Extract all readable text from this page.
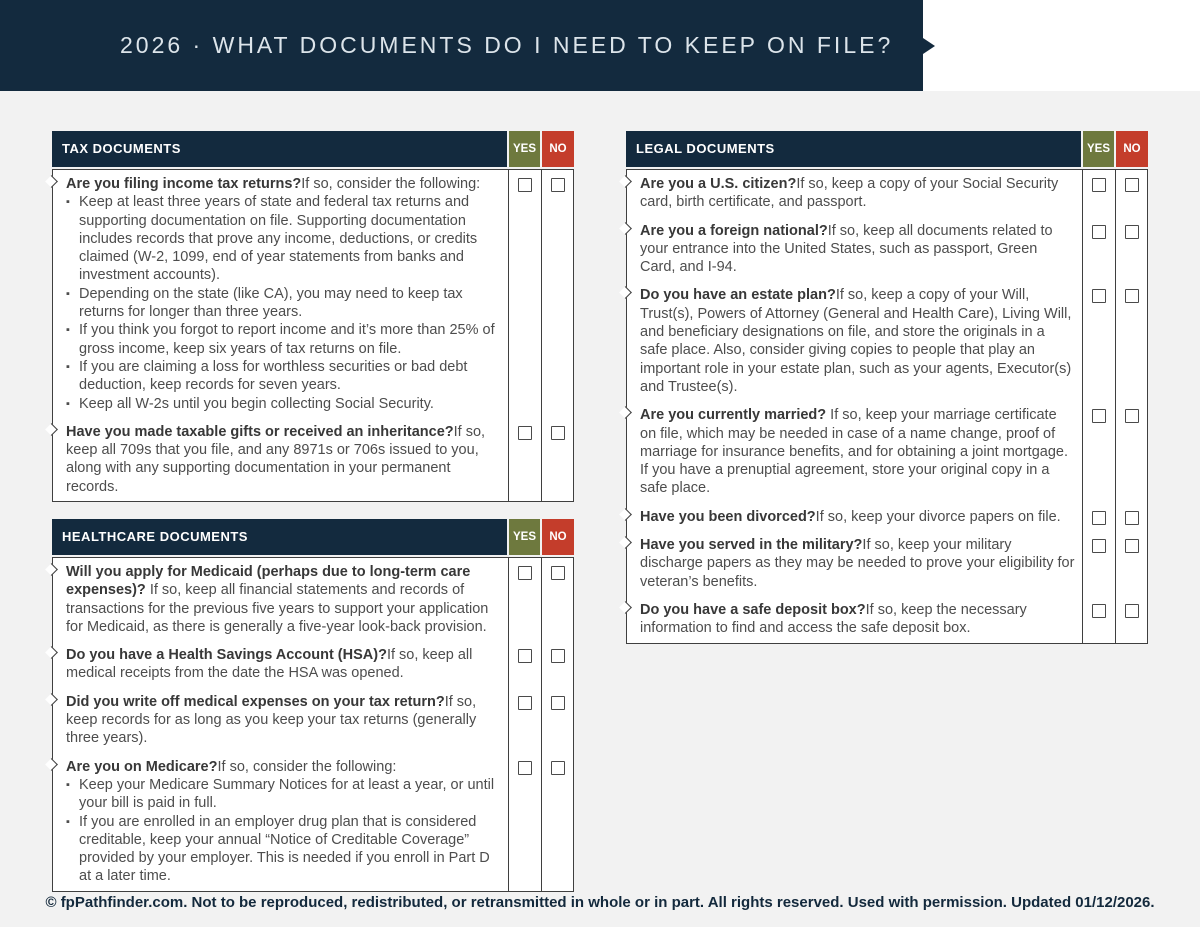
2026 · WHAT DOCUMENTS DO I NEED TO KEEP ON FILE?
TAX DOCUMENTS	YES	NO
Are you filing income tax returns?If so, consider the following:
▪ Keep at least three years of state and federal tax returns and supporting documentation on file. Supporting documentation includes records that prove any income, deductions, or credits claimed (W-2, 1099, end of year statements from banks and investment accounts).
▪ Depending on the state (like CA), you may need to keep tax returns for longer than three years.
▪ If you think you forgot to report income and it’s more than 25% of gross income, keep six years of tax returns on file.
▪ If you are claiming a loss for worthless securities or bad debt deduction, keep records for seven years.
▪ Keep all W-2s until you begin collecting Social Security.
Have you made taxable gifts or received an inheritance?If so, keep all 709s that you file, and any 8971s or 706s issued to you, along with any supporting documentation in your permanent records.
HEALTHCARE DOCUMENTS	YES	NO
Will you apply for Medicaid (perhaps due to long-term care expenses)? If so, keep all financial statements and records of transactions for the previous five years to support your application for Medicaid, as there is generally a five-year look-back provision.
Do you have a Health Savings Account (HSA)?If so, keep all medical receipts from the date the HSA was opened.
Did you write off medical expenses on your tax return?If so, keep records for as long as you keep your tax returns (generally three years).
Are you on Medicare?If so, consider the following:
▪ Keep your Medicare Summary Notices for at least a year, or until your bill is paid in full.
▪ If you are enrolled in an employer drug plan that is considered creditable, keep your annual “Notice of Creditable Coverage” provided by your employer. This is needed if you enroll in Part D at a later time.
LEGAL DOCUMENTS	YES	NO
Are you a U.S. citizen?If so, keep a copy of your Social Security card, birth certificate, and passport.
Are you a foreign national?If so, keep all documents related to your entrance into the United States, such as passport, Green Card, and I-94.
Do you have an estate plan?If so, keep a copy of your Will, Trust(s), Powers of Attorney (General and Health Care), Living Will, and beneficiary designations on file, and store the originals in a safe place. Also, consider giving copies to people that play an important role in your estate plan, such as your agents, Executor(s) and Trustee(s).
Are you currently married? If so, keep your marriage certificate on file, which may be needed in case of a name change, proof of marriage for insurance benefits, and for obtaining a joint mortgage. If you have a prenuptial agreement, store your original copy in a safe place.
Have you been divorced?If so, keep your divorce papers on file.
Have you served in the military?If so, keep your military discharge papers as they may be needed to prove your eligibility for veteran’s benefits.
Do you have a safe deposit box?If so, keep the necessary information to find and access the safe deposit box.
© fpPathfinder.com. Not to be reproduced, redistributed, or retransmitted in whole or in part. All rights reserved. Used with permission. Updated 01/12/2026.
